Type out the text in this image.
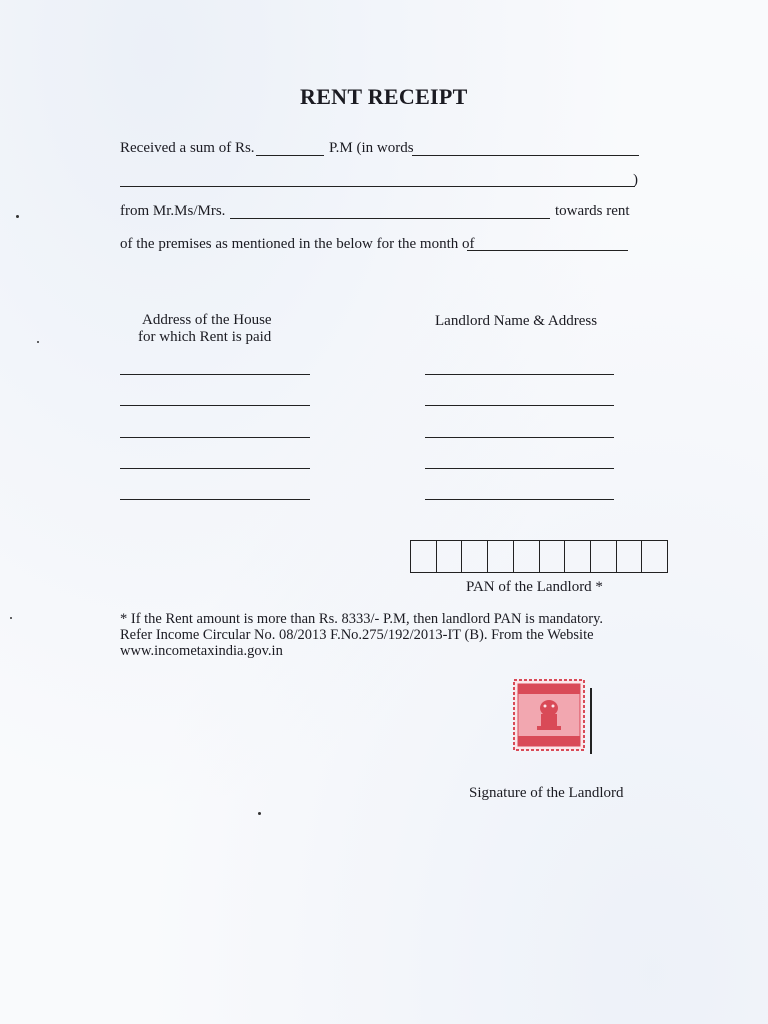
RENT RECEIPT
Received a sum of Rs.	P.M (in words
)
from Mr.Ms/Mrs.	towards rent
of the premises as mentioned in the below for the month of
Address of the House
for which Rent is paid
Landlord Name & Address
PAN of the Landlord *
* If the Rent amount is more than Rs. 8333/- P.M, then landlord PAN is mandatory.
Refer Income Circular No. 08/2013 F.No.275/192/2013-IT (B). From the Website
www.incometaxindia.gov.in
Signature of the Landlord
